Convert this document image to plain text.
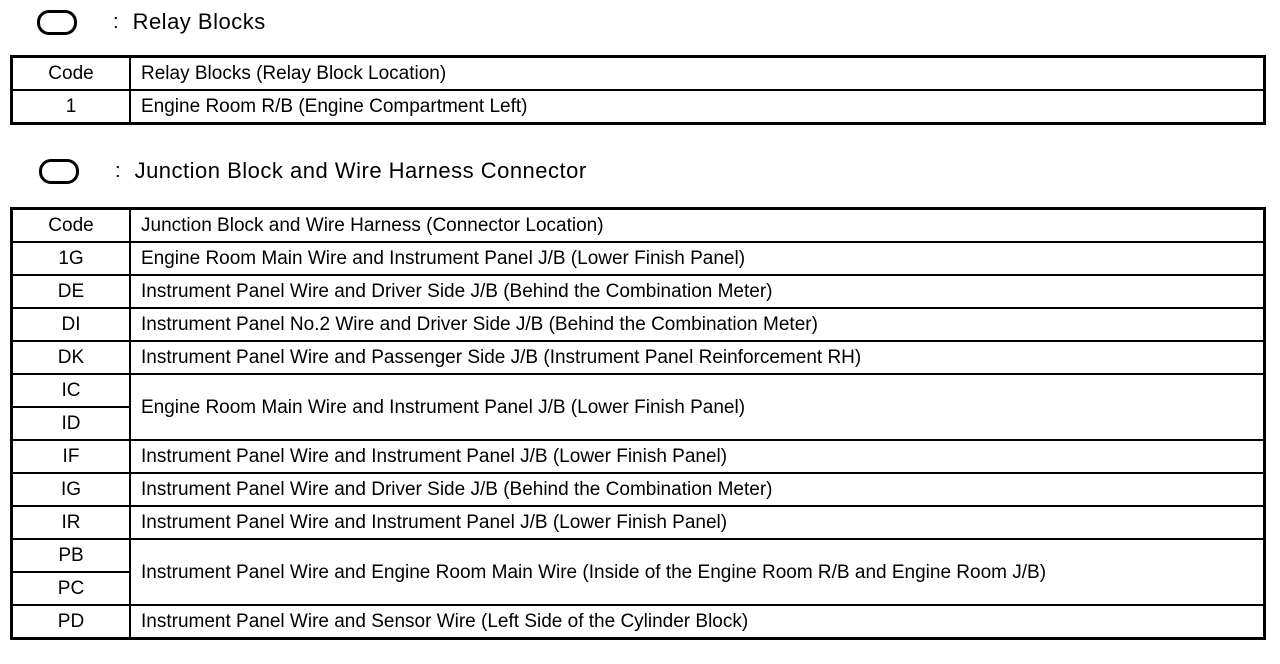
: Relay Blocks
Code	Relay Blocks (Relay Block Location)
1	Engine Room R/B (Engine Compartment Left)
: Junction Block and Wire Harness Connector
Code	Junction Block and Wire Harness (Connector Location)
1G	Engine Room Main Wire and Instrument Panel J/B (Lower Finish Panel)
DE	Instrument Panel Wire and Driver Side J/B (Behind the Combination Meter)
DI	Instrument Panel No.2 Wire and Driver Side J/B (Behind the Combination Meter)
DK	Instrument Panel Wire and Passenger Side J/B (Instrument Panel Reinforcement RH)
IC	Engine Room Main Wire and Instrument Panel J/B (Lower Finish Panel)
ID	
IF	Instrument Panel Wire and Instrument Panel J/B (Lower Finish Panel)
IG	Instrument Panel Wire and Driver Side J/B (Behind the Combination Meter)
IR	Instrument Panel Wire and Instrument Panel J/B (Lower Finish Panel)
PB	Instrument Panel Wire and Engine Room Main Wire (Inside of the Engine Room R/B and Engine Room J/B)
PC	
PD	Instrument Panel Wire and Sensor Wire (Left Side of the Cylinder Block)
